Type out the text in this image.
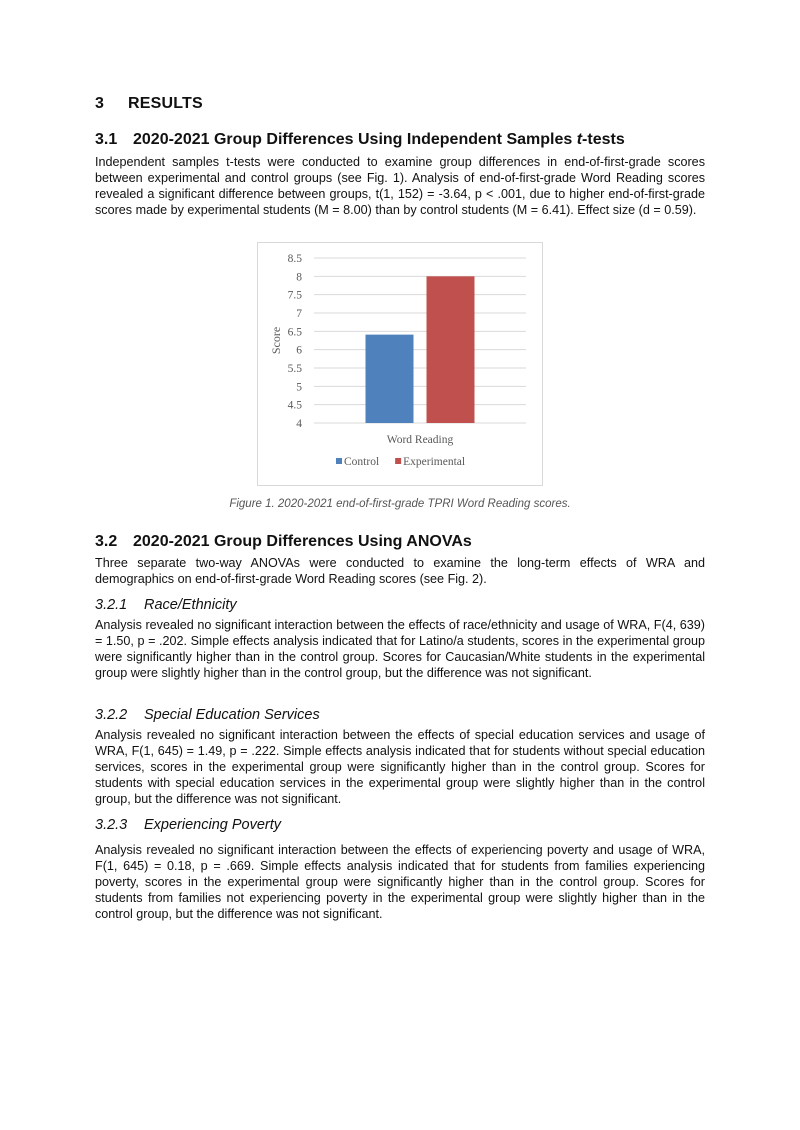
3 RESULTS
3.1 2020-2021 Group Differences Using Independent Samples t-tests

Independent samples t-tests were conducted to examine group differences in end-of-first-grade scores between experimental and control groups (see Fig. 1). Analysis of end-of-first-grade Word Reading scores revealed a significant difference between groups, t(1, 152) = -3.64, p < .001, due to higher end-of-first-grade scores made by experimental students (M = 8.00) than by control students (M = 6.41). Effect size (d = 0.59).

8.5
8
7.5
7
6.5
6
5.5
5
4.5
4
Score
Word Reading
Control Experimental
Figure 1. 2020-2021 end-of-first-grade TPRI Word Reading scores.
3.2 2020-2021 Group Differences Using ANOVAs

Three separate two-way ANOVAs were conducted to examine the long-term effects of WRA and demographics on end-of-first-grade Word Reading scores (see Fig. 2).

3.2.1 Race/Ethnicity

Analysis revealed no significant interaction between the effects of race/ethnicity and usage of WRA, F(4, 639) = 1.50, p = .202. Simple effects analysis indicated that for Latino/a students, scores in the experimental group were significantly higher than in the control group. Scores for Caucasian/White students in the experimental group were slightly higher than in the control group, but the difference was not significant.

3.2.2 Special Education Services

Analysis revealed no significant interaction between the effects of special education services and usage of WRA, F(1, 645) = 1.49, p = .222. Simple effects analysis indicated that for students without special education services, scores in the experimental group were significantly higher than in the control group. Scores for students with special education services in the experimental group were slightly higher than in the control group, but the difference was not significant.

3.2.3 Experiencing Poverty

Analysis revealed no significant interaction between the effects of experiencing poverty and usage of WRA, F(1, 645) = 0.18, p = .669. Simple effects analysis indicated that for students from families experiencing poverty, scores in the experimental group were significantly higher than in the control group. Scores for students from families not experiencing poverty in the experimental group were slightly higher than in the control group, but the difference was not significant.
